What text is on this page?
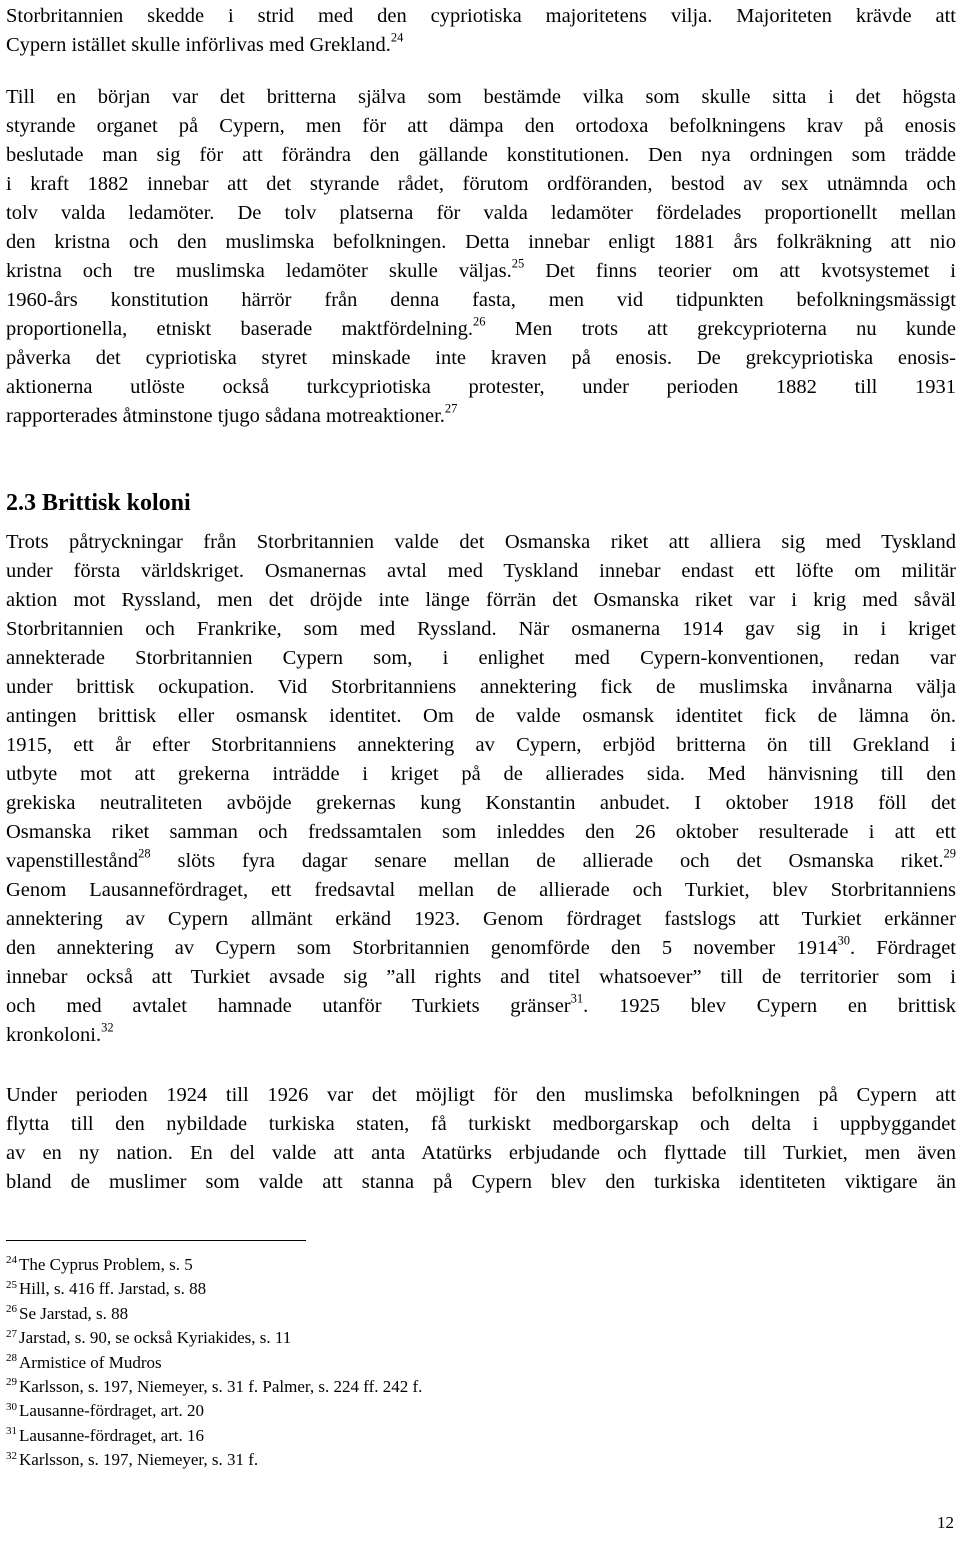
Storbritannien skedde i strid med den cypriotiska majoritetens vilja. Majoriteten krävde att
Cypern istället skulle införlivas med Grekland.$^{24}$

Till en början var det britterna själva som bestämde vilka som skulle sitta i det högsta
styrande organet på Cypern, men för att dämpa den ortodoxa befolkningens krav på enosis
beslutade man sig för att förändra den gällande konstitutionen. Den nya ordningen som trädde
i kraft 1882 innebar att det styrande rådet, förutom ordföranden, bestod av sex utnämnda och
tolv valda ledamöter. De tolv platserna för valda ledamöter fördelades proportionellt mellan
den kristna och den muslimska befolkningen. Detta innebar enligt 1881 års folkräkning att nio
kristna och tre muslimska ledamöter skulle väljas.$^{25}$ Det finns teorier om att kvotsystemet i
1960-års konstitution härrör från denna fasta, men vid tidpunkten befolkningsmässigt
proportionella, etniskt baserade maktfördelning.$^{26}$ Men trots att grekcyprioterna nu kunde
påverka det cypriotiska styret minskade inte kraven på enosis. De grekcypriotiska enosis-
aktionerna utlöste också turkcypriotiska protester, under perioden 1882 till 1931
rapporterades åtminstone tjugo sådana motreaktioner.$^{27}$

2.3 Brittisk koloni

Trots påtryckningar från Storbritannien valde det Osmanska riket att alliera sig med Tyskland
under första världskriget. Osmanernas avtal med Tyskland innebar endast ett löfte om militär
aktion mot Ryssland, men det dröjde inte länge förrän det Osmanska riket var i krig med såväl
Storbritannien och Frankrike, som med Ryssland. När osmanerna 1914 gav sig in i kriget
annekterade Storbritannien Cypern som, i enlighet med Cypern-konventionen, redan var
under brittisk ockupation. Vid Storbritanniens annektering fick de muslimska invånarna välja
antingen brittisk eller osmansk identitet. Om de valde osmansk identitet fick de lämna ön.
1915, ett år efter Storbritanniens annektering av Cypern, erbjöd britterna ön till Grekland i
utbyte mot att grekerna inträdde i kriget på de allierades sida. Med hänvisning till den
grekiska neutraliteten avböjde grekernas kung Konstantin anbudet. I oktober 1918 föll det
Osmanska riket samman och fredssamtalen som inleddes den 26 oktober resulterade i att ett
vapenstillestånd$^{28}$ slöts fyra dagar senare mellan de allierade och det Osmanska riket.$^{29}$
Genom Lausannefördraget, ett fredsavtal mellan de allierade och Turkiet, blev Storbritanniens
annektering av Cypern allmänt erkänd 1923. Genom fördraget fastslogs att Turkiet erkänner
den annektering av Cypern som Storbritannien genomförde den 5 november 1914$^{30}$. Fördraget
innebar också att Turkiet avsade sig ”all rights and titel whatsoever” till de territorier som i
och med avtalet hamnade utanför Turkiets gränser$^{31}$. 1925 blev Cypern en brittisk
kronkoloni.$^{32}$

Under perioden 1924 till 1926 var det möjligt för den muslimska befolkningen på Cypern att
flytta till den nybildade turkiska staten, få turkiskt medborgarskap och delta i uppbyggandet
av en ny nation. En del valde att anta Atatürks erbjudande och flyttade till Turkiet, men även
bland de muslimer som valde att stanna på Cypern blev den turkiska identiteten viktigare än

$^{24}$ The Cyprus Problem, s. 5
$^{25}$ Hill, s. 416 ff. Jarstad, s. 88
$^{26}$ Se Jarstad, s. 88
$^{27}$ Jarstad, s. 90, se också Kyriakides, s. 11
$^{28}$ Armistice of Mudros
$^{29}$ Karlsson, s. 197, Niemeyer, s. 31 f. Palmer, s. 224 ff. 242 f.
$^{30}$ Lausanne-fördraget, art. 20
$^{31}$ Lausanne-fördraget, art. 16
$^{32}$ Karlsson, s. 197, Niemeyer, s. 31 f.
12
